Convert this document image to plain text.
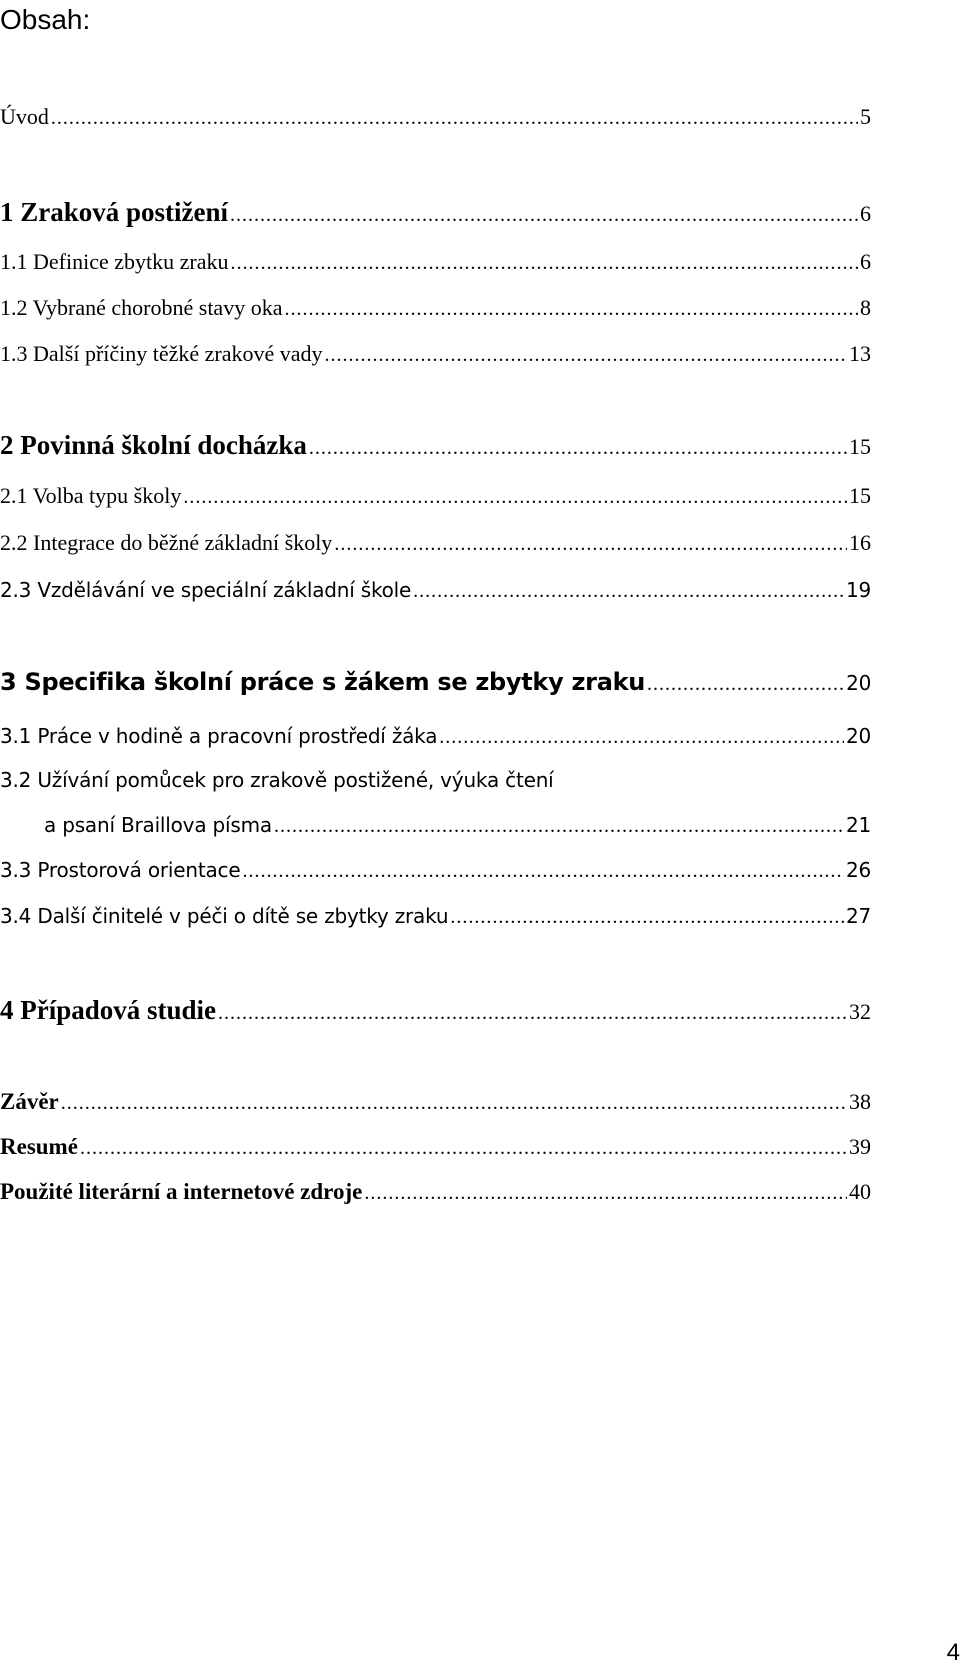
Obsah:
Úvod .....	5
1 Zraková postižení .....	6
1.1 Definice zbytku zraku .....	6
1.2 Vybrané chorobné stavy oka .....	8
1.3 Další příčiny těžké zrakové vady .....	13
2 Povinná školní docházka .....	15
2.1 Volba typu školy .....	15
2.2 Integrace do běžné základní školy .....	16
2.3 Vzdělávání ve speciální základní škole .....	19
3 Specifika školní práce s žákem se zbytky zraku .....	20
3.1 Práce v hodině a pracovní prostředí žáka .....	20
3.2 Užívání pomůcek pro zrakově postižené, výuka čtení
a psaní Braillova písma .....	21
3.3 Prostorová orientace .....	26
3.4 Další činitelé v péči o dítě se zbytky zraku .....	27
4 Případová studie .....	32
Závěr .....	38
Resumé .....	39
Použité literární a internetové zdroje .....	40
4
